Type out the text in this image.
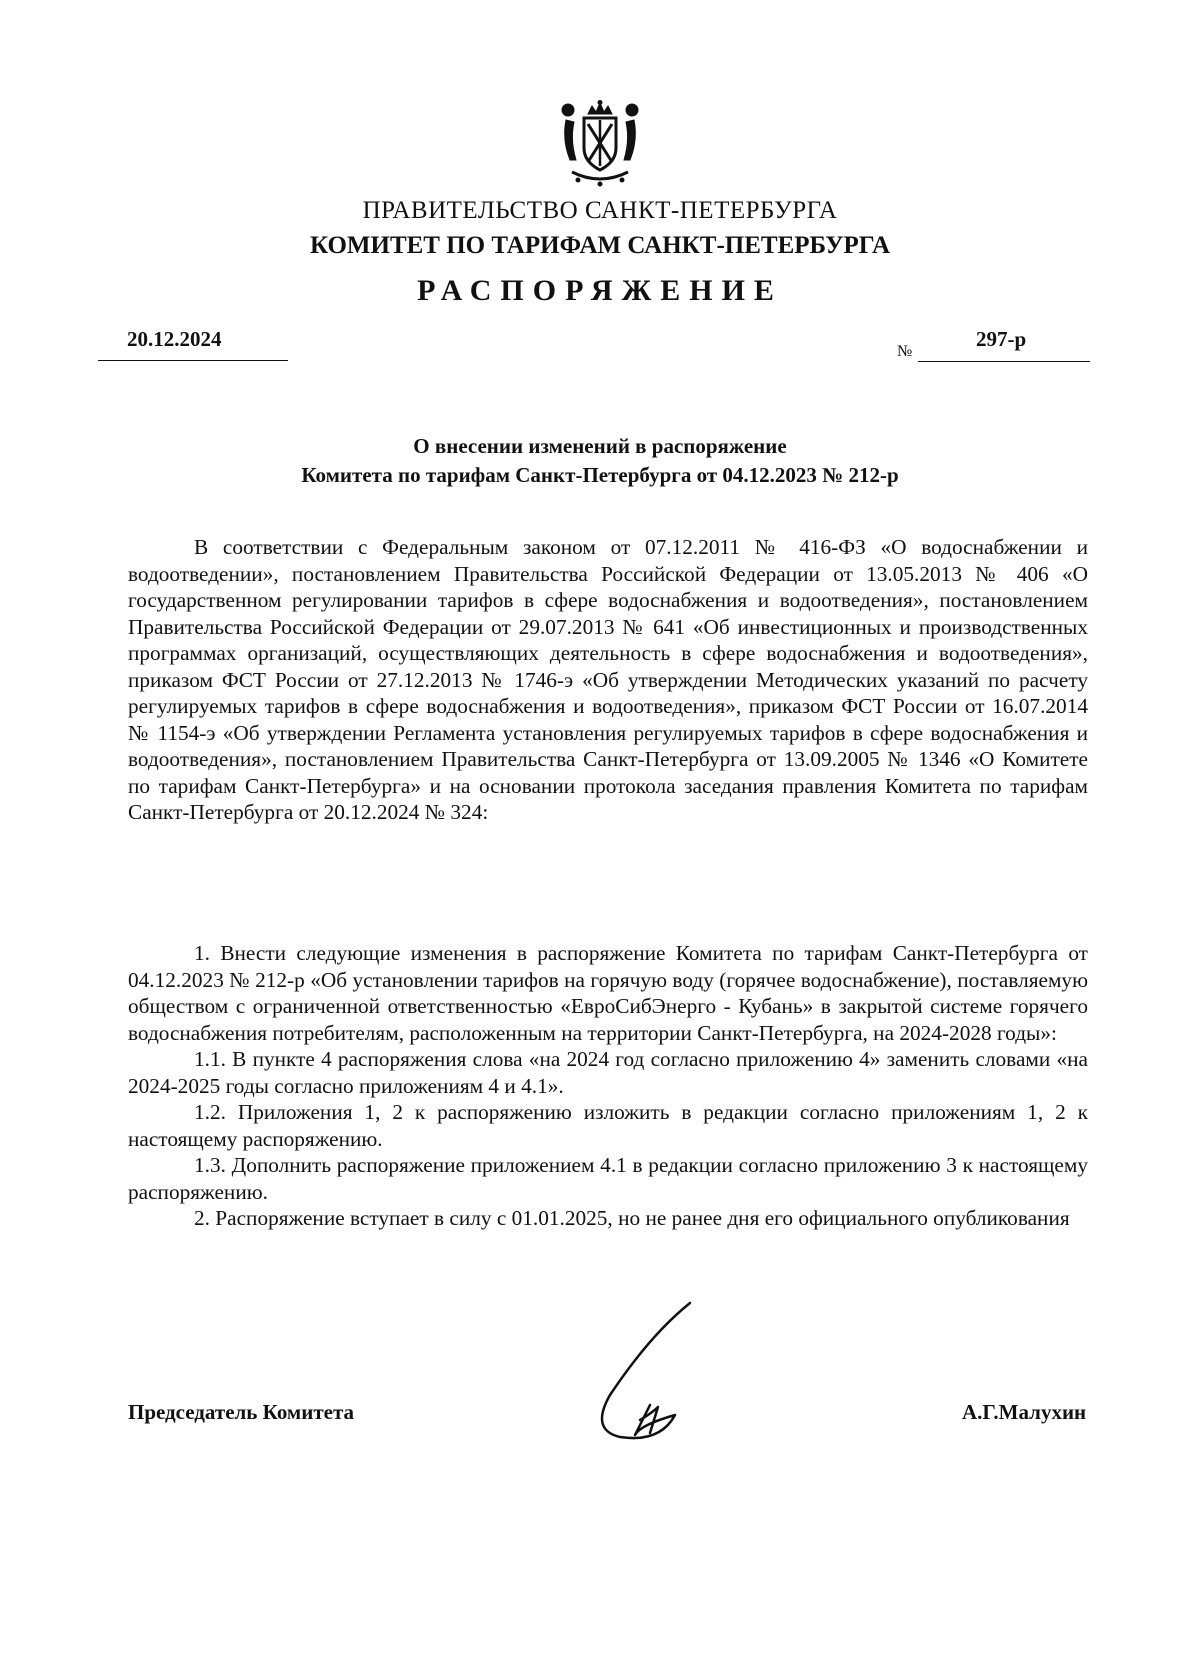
ПРАВИТЕЛЬСТВО САНКТ-ПЕТЕРБУРГА
КОМИТЕТ ПО ТАРИФАМ САНКТ-ПЕТЕРБУРГА
РАСПОРЯЖЕНИЕ
20.12.2024
№
297-р
О внесении изменений в распоряжение
Комитета по тарифам Санкт-Петербурга от 04.12.2023 № 212-р

В соответствии с Федеральным законом от 07.12.2011 № 416-ФЗ «О водоснабжении и водоотведении», постановлением Правительства Российской Федерации от 13.05.2013 № 406 «О государственном регулировании тарифов в сфере водоснабжения и водоотведения», постановлением Правительства Российской Федерации от 29.07.2013 № 641 «Об инвестиционных и производственных программах организаций, осуществляющих деятельность в сфере водоснабжения и водоотведения», приказом ФСТ России от 27.12.2013 № 1746-э «Об утверждении Методических указаний по расчету регулируемых тарифов в сфере водоснабжения и водоотведения», приказом ФСТ России от 16.07.2014 № 1154-э «Об утверждении Регламента установления регулируемых тарифов в сфере водоснабжения и водоотведения», постановлением Правительства Санкт-Петербурга от 13.09.2005 № 1346 «О Комитете по тарифам Санкт-Петербурга» и на основании протокола заседания правления Комитета по тарифам Санкт-Петербурга от 20.12.2024 № 324:

1. Внести следующие изменения в распоряжение Комитета по тарифам Санкт-Петербурга от 04.12.2023 № 212-р «Об установлении тарифов на горячую воду (горячее водоснабжение), поставляемую обществом с ограниченной ответственностью «ЕвроСибЭнерго - Кубань» в закрытой системе горячего водоснабжения потребителям, расположенным на территории Санкт-Петербурга, на 2024-2028 годы»:

1.1. В пункте 4 распоряжения слова «на 2024 год согласно приложению 4» заменить словами «на 2024-2025 годы согласно приложениям 4 и 4.1».

1.2. Приложения 1, 2 к распоряжению изложить в редакции согласно приложениям 1, 2 к настоящему распоряжению.

1.3. Дополнить распоряжение приложением 4.1 в редакции согласно приложению 3 к настоящему распоряжению.

2. Распоряжение вступает в силу с 01.01.2025, но не ранее дня его официального опубликования

Председатель Комитета	А.Г.Малухин
